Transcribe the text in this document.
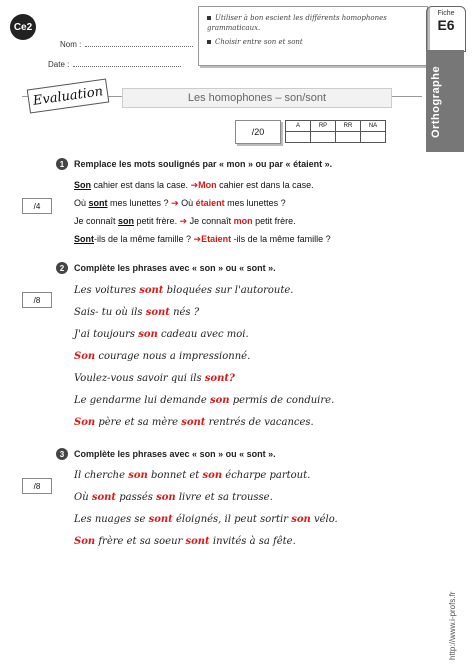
Ce2
Nom :
Date :
Utiliser à bon escient les différents homophones grammaticaux.
Choisir entre son et sont
Fiche
E6
Orthographe
Les homophones – son/sont
Evaluation
/20
A	RP	RR	NA

1	Remplace les mots soulignés par « mon » ou par « étaient ».
/4
Son cahier est dans la case. ➔Mon cahier est dans la case.
Où sont mes lunettes ? ➔ Où étaient mes lunettes ?
Je connaît son petit frère. ➔ Je connaît mon petit frère.
Sont-ils de la même famille ? ➔Etaient -ils de la même famille ?
2	Complète les phrases avec « son » ou « sont ».
/8
Les voitures sont bloquées sur l'autoroute.
Sais- tu où ils sont nés ?
J'ai toujours son cadeau avec moi.
Son courage nous a impressionné.
Voulez-vous savoir qui ils sont?
Le gendarme lui demande son permis de conduire.
Son père et sa mère sont rentrés de vacances.
3	Complète les phrases avec « son » ou « sont ».
/8
Il cherche son bonnet et son écharpe partout.
Où sont passés son livre et sa trousse.
Les nuages se sont éloignés, il peut sortir son vélo.
Son frère et sa soeur sont invités à sa fête.
http://www.i-profs.fr
